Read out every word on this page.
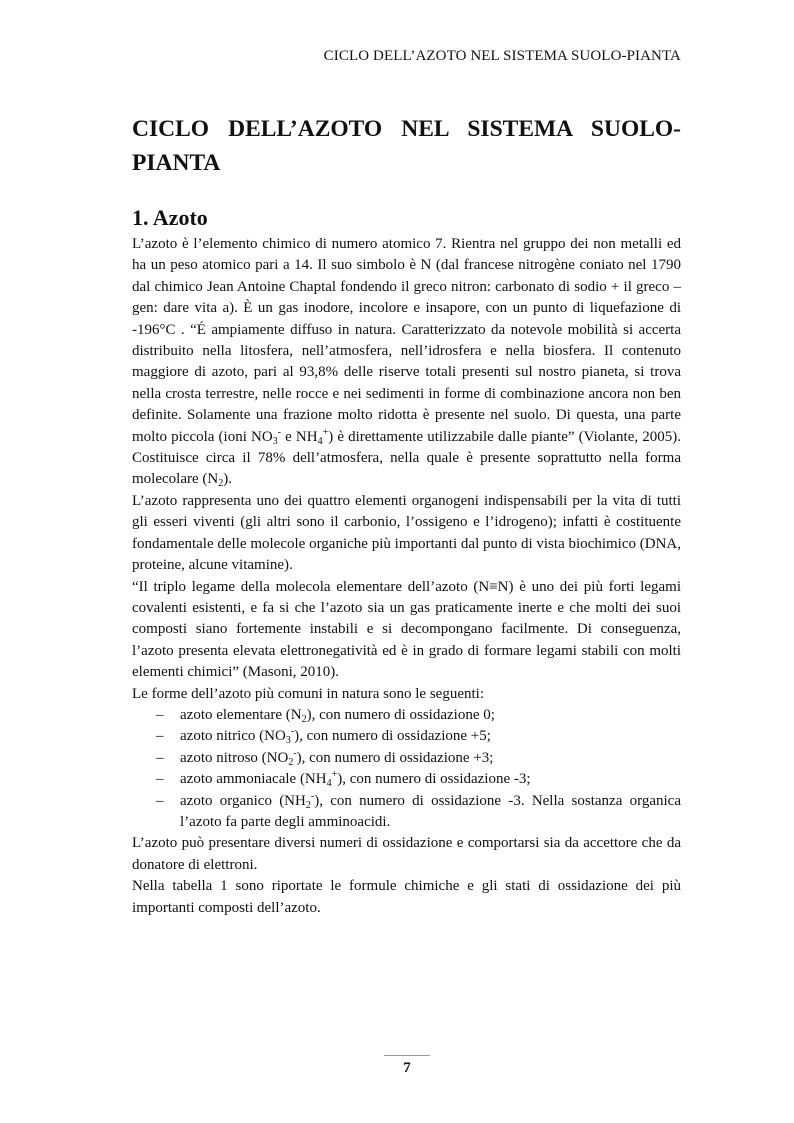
CICLO DELL’AZOTO NEL SISTEMA SUOLO-PIANTA
CICLO DELL’AZOTO NEL SISTEMA SUOLO-PIANTA
1. Azoto

L’azoto è l’elemento chimico di numero atomico 7. Rientra nel gruppo dei non metalli ed ha un peso atomico pari a 14. Il suo simbolo è N (dal francese nitrogène coniato nel 1790 dal chimico Jean Antoine Chaptal fondendo il greco nitron: carbonato di sodio + il greco –gen: dare vita a). È un gas inodore, incolore e insapore, con un punto di liquefazione di -196°C . “É ampiamente diffuso in natura. Caratterizzato da notevole mobilità si accerta distribuito nella litosfera, nell’atmosfera, nell’idrosfera e nella biosfera. Il contenuto maggiore di azoto, pari al 93,8% delle riserve totali presenti sul nostro pianeta, si trova nella crosta terrestre, nelle rocce e nei sedimenti in forme di combinazione ancora non ben definite. Solamente una frazione molto ridotta è presente nel suolo. Di questa, una parte molto piccola (ioni $NO_3^-$ e $NH_4^+$) è direttamente utilizzabile dalle piante” (Violante, 2005). Costituisce circa il 78% dell’atmosfera, nella quale è presente soprattutto nella forma molecolare $(N_2)$.

L’azoto rappresenta uno dei quattro elementi organogeni indispensabili per la vita di tutti gli esseri viventi (gli altri sono il carbonio, l’ossigeno e l’idrogeno); infatti è costituente fondamentale delle molecole organiche più importanti dal punto di vista biochimico (DNA, proteine, alcune vitamine).

“Il triplo legame della molecola elementare dell’azoto (N≡N) è uno dei più forti legami covalenti esistenti, e fa si che l’azoto sia un gas praticamente inerte e che molti dei suoi composti siano fortemente instabili e si decompongano facilmente. Di conseguenza, l’azoto presenta elevata elettronegatività ed è in grado di formare legami stabili con molti elementi chimici” (Masoni, 2010).

Le forme dell’azoto più comuni in natura sono le seguenti:

– azoto elementare $(N_2)$, con numero di ossidazione 0;
– azoto nitrico $(NO_3^-)$, con numero di ossidazione +5;
– azoto nitroso $(NO_2^-)$, con numero di ossidazione +3;
– azoto ammoniacale $(NH_4^+)$, con numero di ossidazione -3;
– azoto organico $(NH_2^-)$, con numero di ossidazione -3. Nella sostanza organica l’azoto fa parte degli amminoacidi.

L’azoto può presentare diversi numeri di ossidazione e comportarsi sia da accettore che da donatore di elettroni.

Nella tabella 1 sono riportate le formule chimiche e gli stati di ossidazione dei più importanti composti dell’azoto.

7
